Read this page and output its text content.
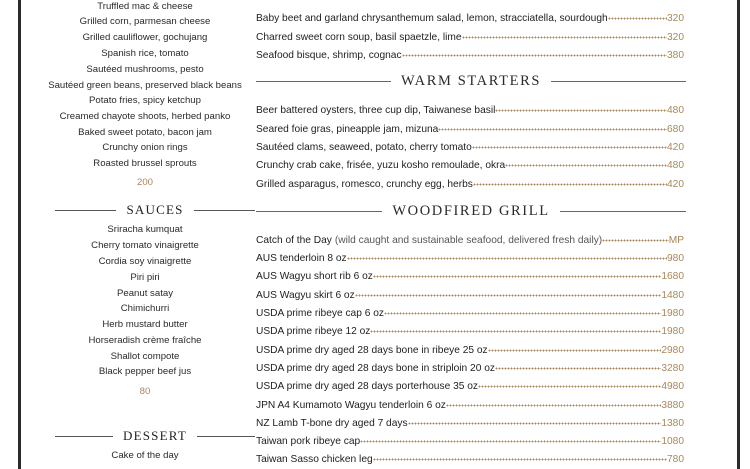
Truffled mac & cheese
Grilled corn, parmesan cheese
Grilled cauliflower, gochujang
Spanish rice, tomato
Sautéed mushrooms, pesto
Sautéed green beans, preserved black beans
Potato fries, spicy ketchup
Creamed chayote shoots, herbed panko
Baked sweet potato, bacon jam
Crunchy onion rings
Roasted brussel sprouts
200
SAUCES
Sriracha kumquat
Cherry tomato vinaigrette
Cordia soy vinaigrette
Piri piri
Peanut satay
Chimichurri
Herb mustard butter
Horseradish crème fraîche
Shallot compote
Black pepper beef jus
80
DESSERT
Cake of the day
Baby beet and garland chrysanthemum salad, lemon, stracciatella, sourdough	320
Charred sweet corn soup, basil spaetzle, lime	320
Seafood bisque, shrimp, cognac	380
WARM STARTERS
Beer battered oysters, three cup dip, Taiwanese basil	480
Seared foie gras, pineapple jam, mizuna	680
Sautéed clams, seaweed, potato, cherry tomato	420
Crunchy crab cake, frisée, yuzu kosho remoulade, okra	480
Grilled asparagus, romesco, crunchy egg, herbs	420
WOODFIRED GRILL
Catch of the Day (wild caught and sustainable seafood, delivered fresh daily)	MP
AUS tenderloin 8 oz	980
AUS Wagyu short rib 6 oz	1680
AUS Wagyu skirt 6 oz	1480
USDA prime ribeye cap 6 oz	1980
USDA prime ribeye 12 oz	1980
USDA prime dry aged 28 days bone in ribeye 25 oz	2980
USDA prime dry aged 28 days bone in striploin 20 oz	3280
USDA prime dry aged 28 days porterhouse 35 oz	4980
JPN A4 Kumamoto Wagyu tenderloin 6 oz	3880
NZ Lamb T-bone dry aged 7 days	1380
Taiwan pork ribeye cap	1080
Taiwan Sasso chicken leg	780
